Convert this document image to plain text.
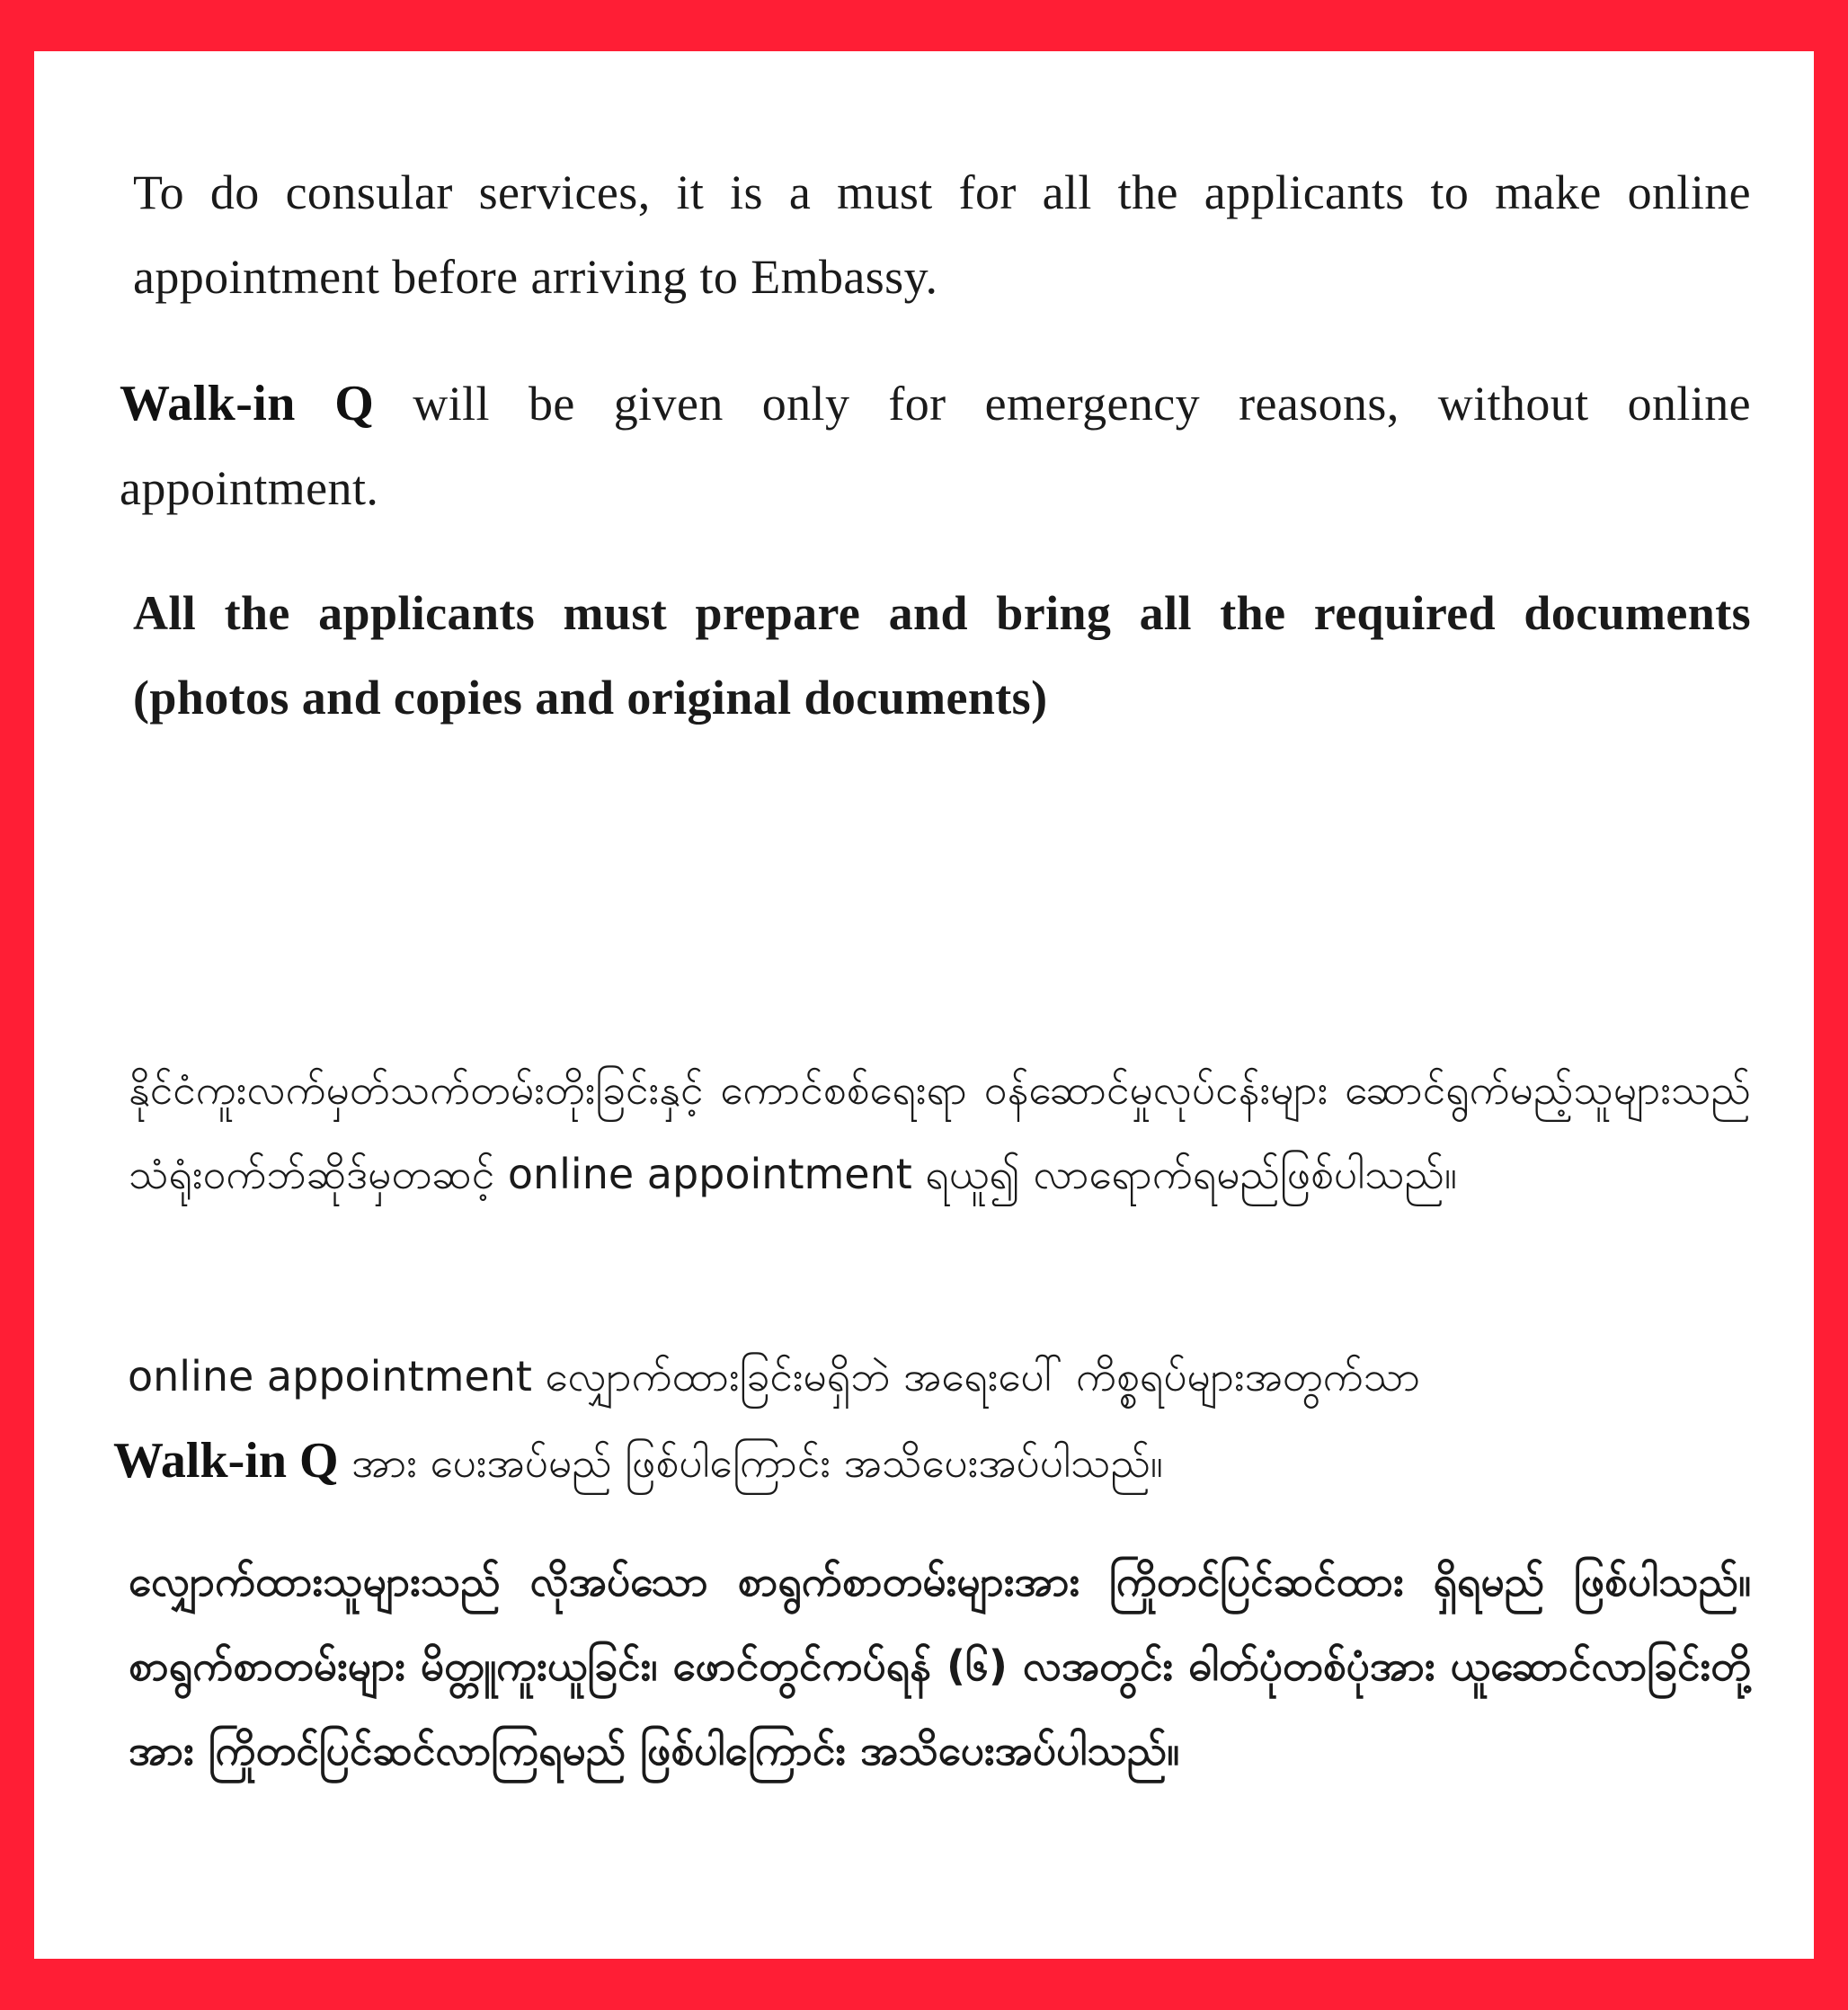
To do consular services, it is a must for all the applicants to make online appointment before arriving to Embassy.
Walk-in Q will be given only for emergency reasons, without online appointment.
All the applicants must prepare and bring all the required documents (photos and copies and original documents)
နိုင်ငံကူးလက်မှတ်သက်တမ်းတိုးခြင်းနှင့် ကောင်စစ်ရေးရာ ဝန်ဆောင်မှုလုပ်ငန်းများ ဆောင်ရွက်မည့်သူများသည် သံရုံးဝက်ဘ်ဆိုဒ်မှတဆင့် online appointment ရယူ၍ လာရောက်ရမည်ဖြစ်ပါသည်။
online appointment လျှောက်ထားခြင်းမရှိဘဲ အရေးပေါ် ကိစ္စရပ်များအတွက်သာ
Walk-in Q အား ပေးအပ်မည် ဖြစ်ပါကြောင်း အသိပေးအပ်ပါသည်။
လျှောက်ထားသူများသည် လိုအပ်သော စာရွက်စာတမ်းများအား ကြိုတင်ပြင်ဆင်ထား ရှိရမည် ဖြစ်ပါသည်။ စာရွက်စာတမ်းများ မိတ္တူကူးယူခြင်း၊ ဖောင်တွင်ကပ်ရန် (၆) လအတွင်း ဓါတ်ပုံတစ်ပုံအား ယူဆောင်လာခြင်းတို့အား ကြိုတင်ပြင်ဆင်လာကြရမည် ဖြစ်ပါကြောင်း အသိပေးအပ်ပါသည်။
